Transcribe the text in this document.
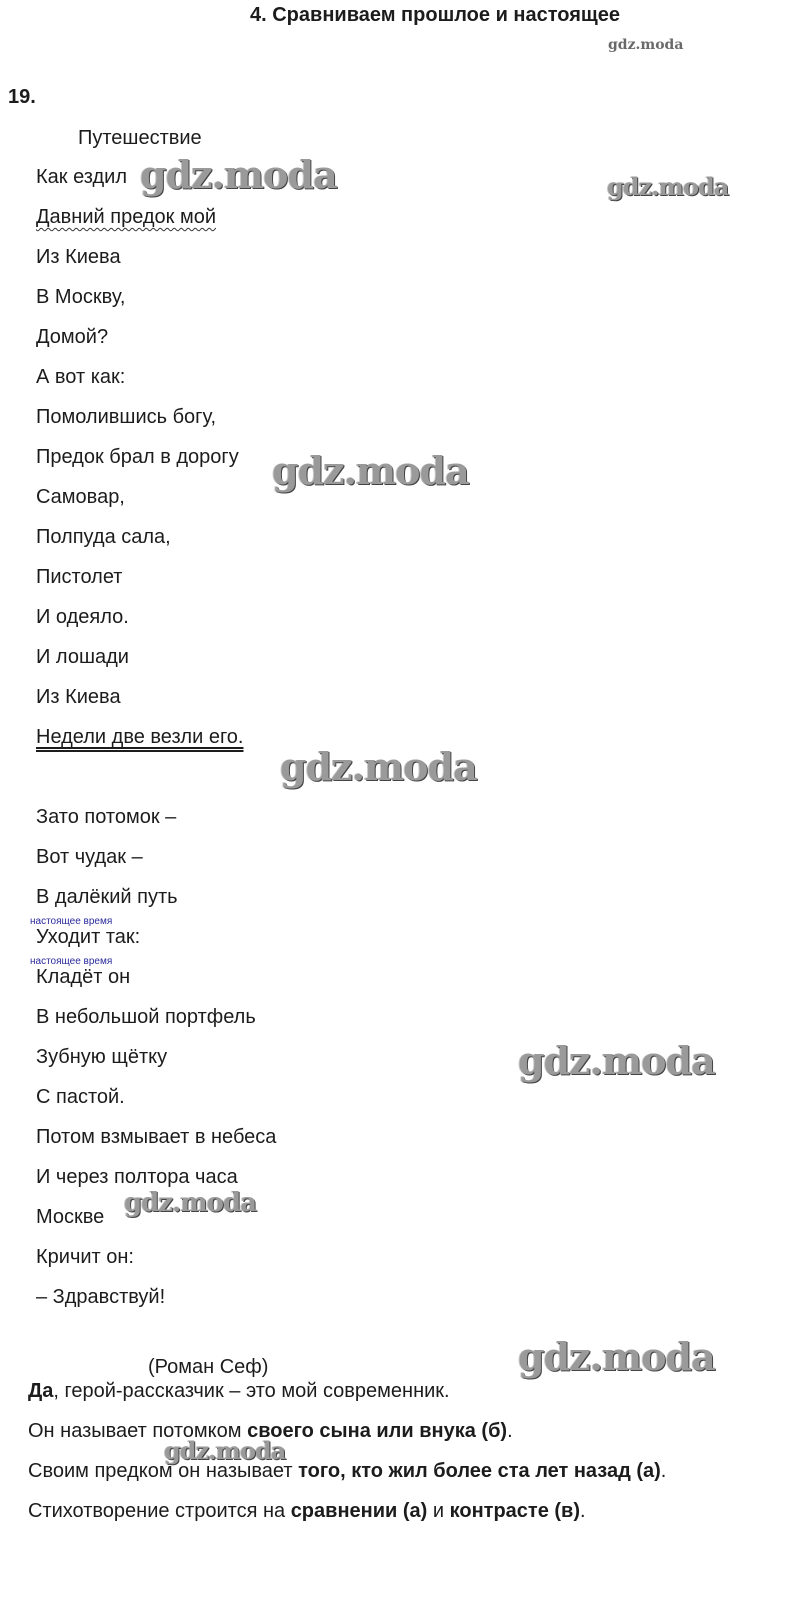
4. Сравниваем прошлое и настоящее
19.
Путешествие
Как ездил
Давний предок мой
Из Киева
В Москву,
Домой?
А вот как:
Помолившись богу,
Предок брал в дорогу
Самовар,
Полпуда сала,
Пистолет
И одеяло.
И лошади
Из Киева
Недели две везли его.
Зато потомок –
Вот чудак –
В далёкий путь
настоящее время
Уходит так:
настоящее время
Кладёт он
В небольшой портфель
Зубную щётку
С пастой.
Потом взмывает в небеса
И через полтора часа
Москве
Кричит он:
– Здравствуй!
(Роман Сеф)
Да, герой-рассказчик – это мой современник.
Он называет потомком своего сына или внука (б).
Своим предком он называет того, кто жил более ста лет назад (а).
Стихотворение строится на сравнении (а) и контрасте (в).
gdz.moda
gdz.moda	gdz.moda
gdz.moda
gdz.moda
gdz.moda
gdz.moda
gdz.moda
gdz.moda
